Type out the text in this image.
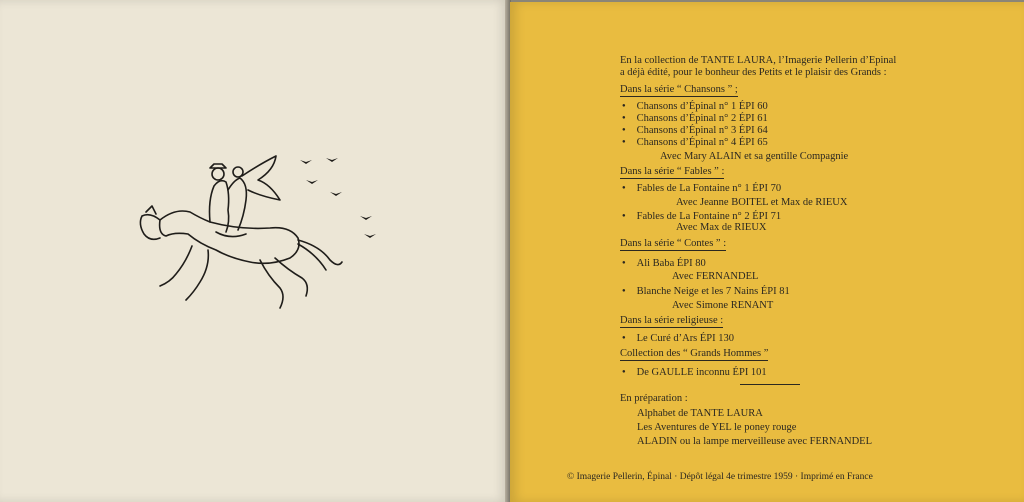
En la collection de TANTE LAURA, l’Imagerie Pellerin d’Epinal
a déjà édité, pour le bonheur des Petits et le plaisir des Grands :
Dans la série “ Chansons ” ;
● Chansons d’Épinal n° 1 ÉPI 60
● Chansons d’Épinal n° 2 ÉPI 61
● Chansons d’Épinal n° 3 ÉPI 64
● Chansons d’Épinal n° 4 ÉPI 65
Avec Mary ALAIN et sa gentille Compagnie
Dans la série “ Fables ” :
● Fables de La Fontaine n° 1 ÉPI 70
Avec Jeanne BOITEL et Max de RIEUX
● Fables de La Fontaine n° 2 ÉPI 71
Avec Max de RIEUX
Dans la série “ Contes ” :
● Ali Baba ÉPI 80
Avec FERNANDEL
● Blanche Neige et les 7 Nains ÉPI 81
Avec Simone RENANT
Dans la série religieuse :
● Le Curé d’Ars ÉPI 130
Collection des “ Grands Hommes ”
● De GAULLE inconnu ÉPI 101
En préparation :
Alphabet de TANTE LAURA
Les Aventures de YEL le poney rouge
ALADIN ou la lampe merveilleuse avec FERNANDEL
© Imagerie Pellerin, Épinal · Dépôt légal 4e trimestre 1959 · Imprimé en France
